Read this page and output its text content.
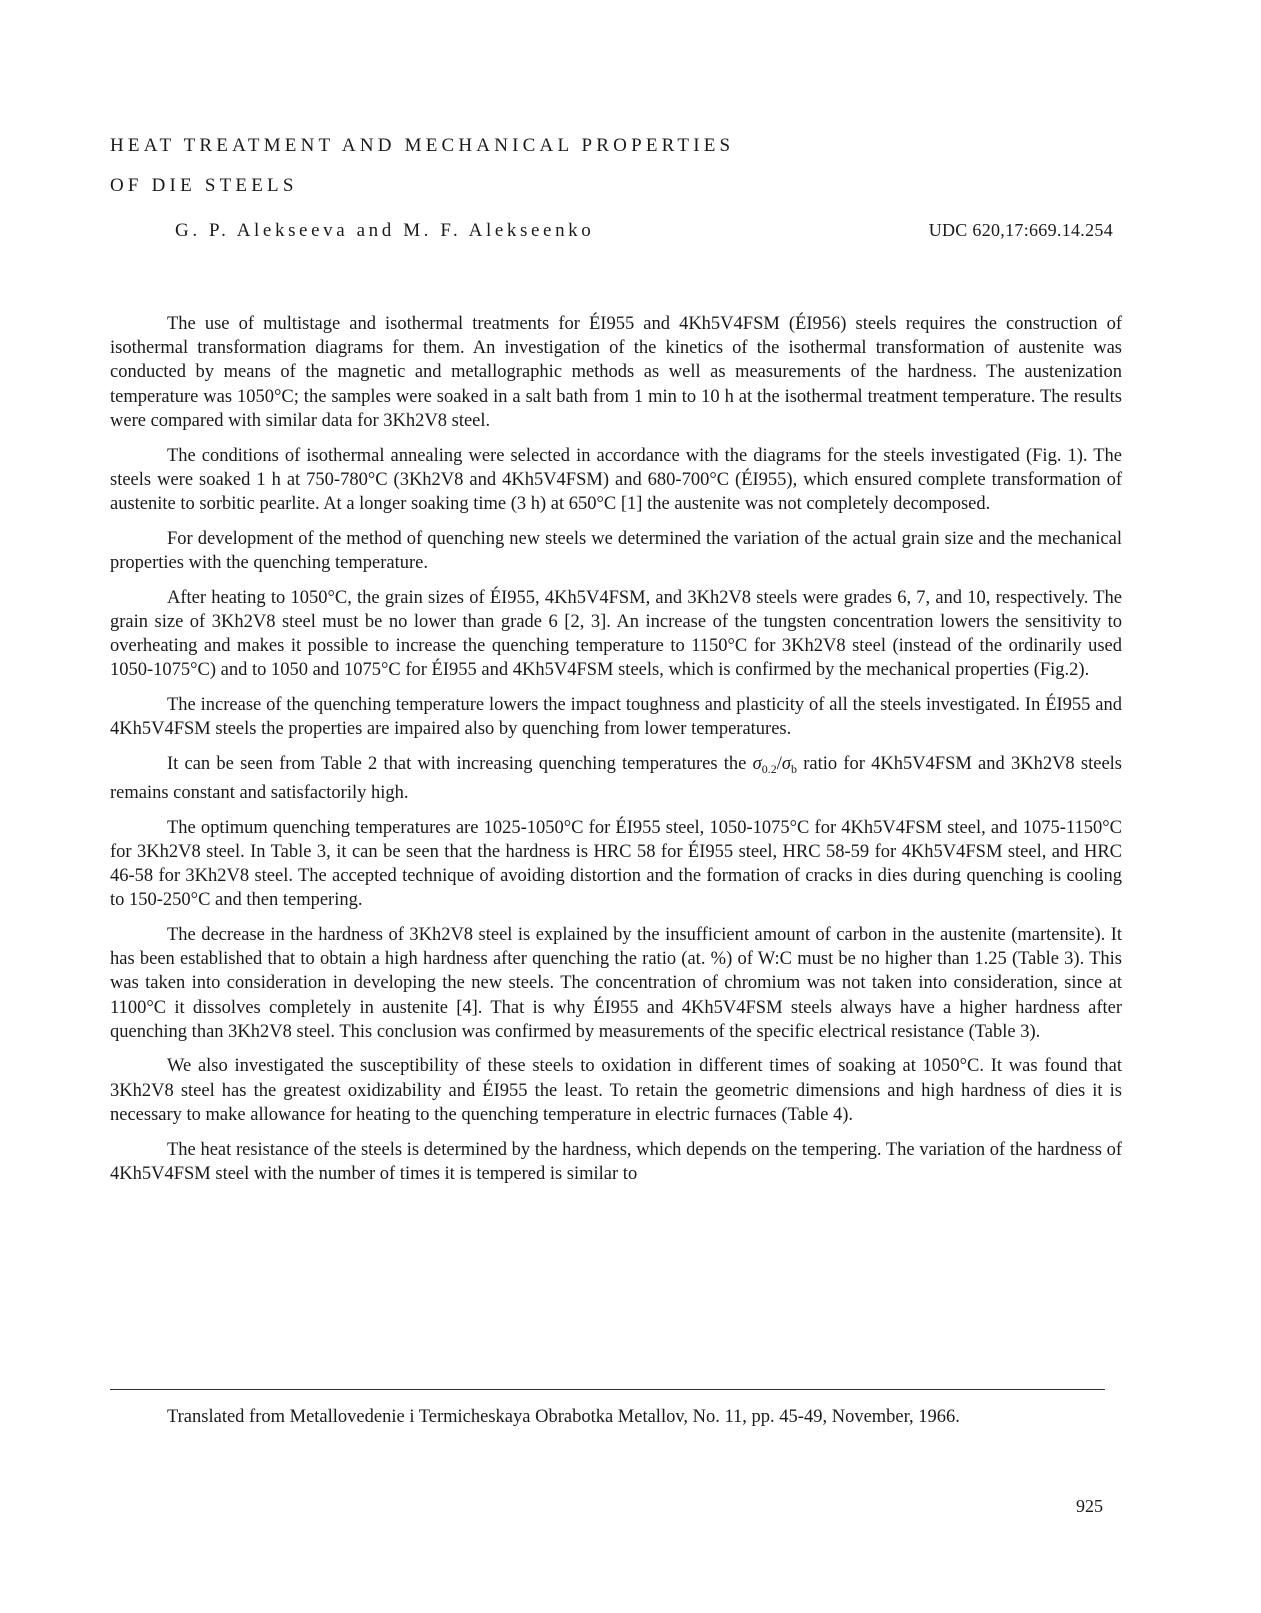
HEAT TREATMENT AND MECHANICAL PROPERTIES
OF DIE STEELS
G. P. Alekseeva and M. F. Alekseenko	UDC 620,17:669.14.254

The use of multistage and isothermal treatments for ÉI955 and 4Kh5V4FSM (ÉI956) steels requires the construction of isothermal transformation diagrams for them. An investigation of the kinetics of the isothermal transformation of austenite was conducted by means of the magnetic and metallographic methods as well as measurements of the hardness. The austenization temperature was 1050°C; the samples were soaked in a salt bath from 1 min to 10 h at the isothermal treatment temperature. The results were compared with similar data for 3Kh2V8 steel.

The conditions of isothermal annealing were selected in accordance with the diagrams for the steels investigated (Fig. 1). The steels were soaked 1 h at 750-780°C (3Kh2V8 and 4Kh5V4FSM) and 680-700°C (ÉI955), which ensured complete transformation of austenite to sorbitic pearlite. At a longer soaking time (3 h) at 650°C [1] the austenite was not completely decomposed.

For development of the method of quenching new steels we determined the variation of the actual grain size and the mechanical properties with the quenching temperature.

After heating to 1050°C, the grain sizes of ÉI955, 4Kh5V4FSM, and 3Kh2V8 steels were grades 6, 7, and 10, respectively. The grain size of 3Kh2V8 steel must be no lower than grade 6 [2, 3]. An increase of the tungsten concentration lowers the sensitivity to overheating and makes it possible to increase the quenching temperature to 1150°C for 3Kh2V8 steel (instead of the ordinarily used 1050-1075°C) and to 1050 and 1075°C for ÉI955 and 4Kh5V4FSM steels, which is confirmed by the mechanical properties (Fig.2).

The increase of the quenching temperature lowers the impact toughness and plasticity of all the steels investigated. In ÉI955 and 4Kh5V4FSM steels the properties are impaired also by quenching from lower temperatures.

It can be seen from Table 2 that with increasing quenching temperatures the $\sigma_{0.2}/\sigma_b$ ratio for 4Kh5V4FSM and 3Kh2V8 steels remains constant and satisfactorily high.

The optimum quenching temperatures are 1025-1050°C for ÉI955 steel, 1050-1075°C for 4Kh5V4FSM steel, and 1075-1150°C for 3Kh2V8 steel. In Table 3, it can be seen that the hardness is HRC 58 for ÉI955 steel, HRC 58-59 for 4Kh5V4FSM steel, and HRC 46-58 for 3Kh2V8 steel. The accepted technique of avoiding distortion and the formation of cracks in dies during quenching is cooling to 150-250°C and then tempering.

The decrease in the hardness of 3Kh2V8 steel is explained by the insufficient amount of carbon in the austenite (martensite). It has been established that to obtain a high hardness after quenching the ratio (at. %) of W:C must be no higher than 1.25 (Table 3). This was taken into consideration in developing the new steels. The concentration of chromium was not taken into consideration, since at 1100°C it dissolves completely in austenite [4]. That is why ÉI955 and 4Kh5V4FSM steels always have a higher hardness after quenching than 3Kh2V8 steel. This conclusion was confirmed by measurements of the specific electrical resistance (Table 3).

We also investigated the susceptibility of these steels to oxidation in different times of soaking at 1050°C. It was found that 3Kh2V8 steel has the greatest oxidizability and ÉI955 the least. To retain the geometric dimensions and high hardness of dies it is necessary to make allowance for heating to the quenching temperature in electric furnaces (Table 4).

The heat resistance of the steels is determined by the hardness, which depends on the tempering. The variation of the hardness of 4Kh5V4FSM steel with the number of times it is tempered is similar to

Translated from Metallovedenie i Termicheskaya Obrabotka Metallov, No. 11, pp. 45-49, November, 1966.

925
